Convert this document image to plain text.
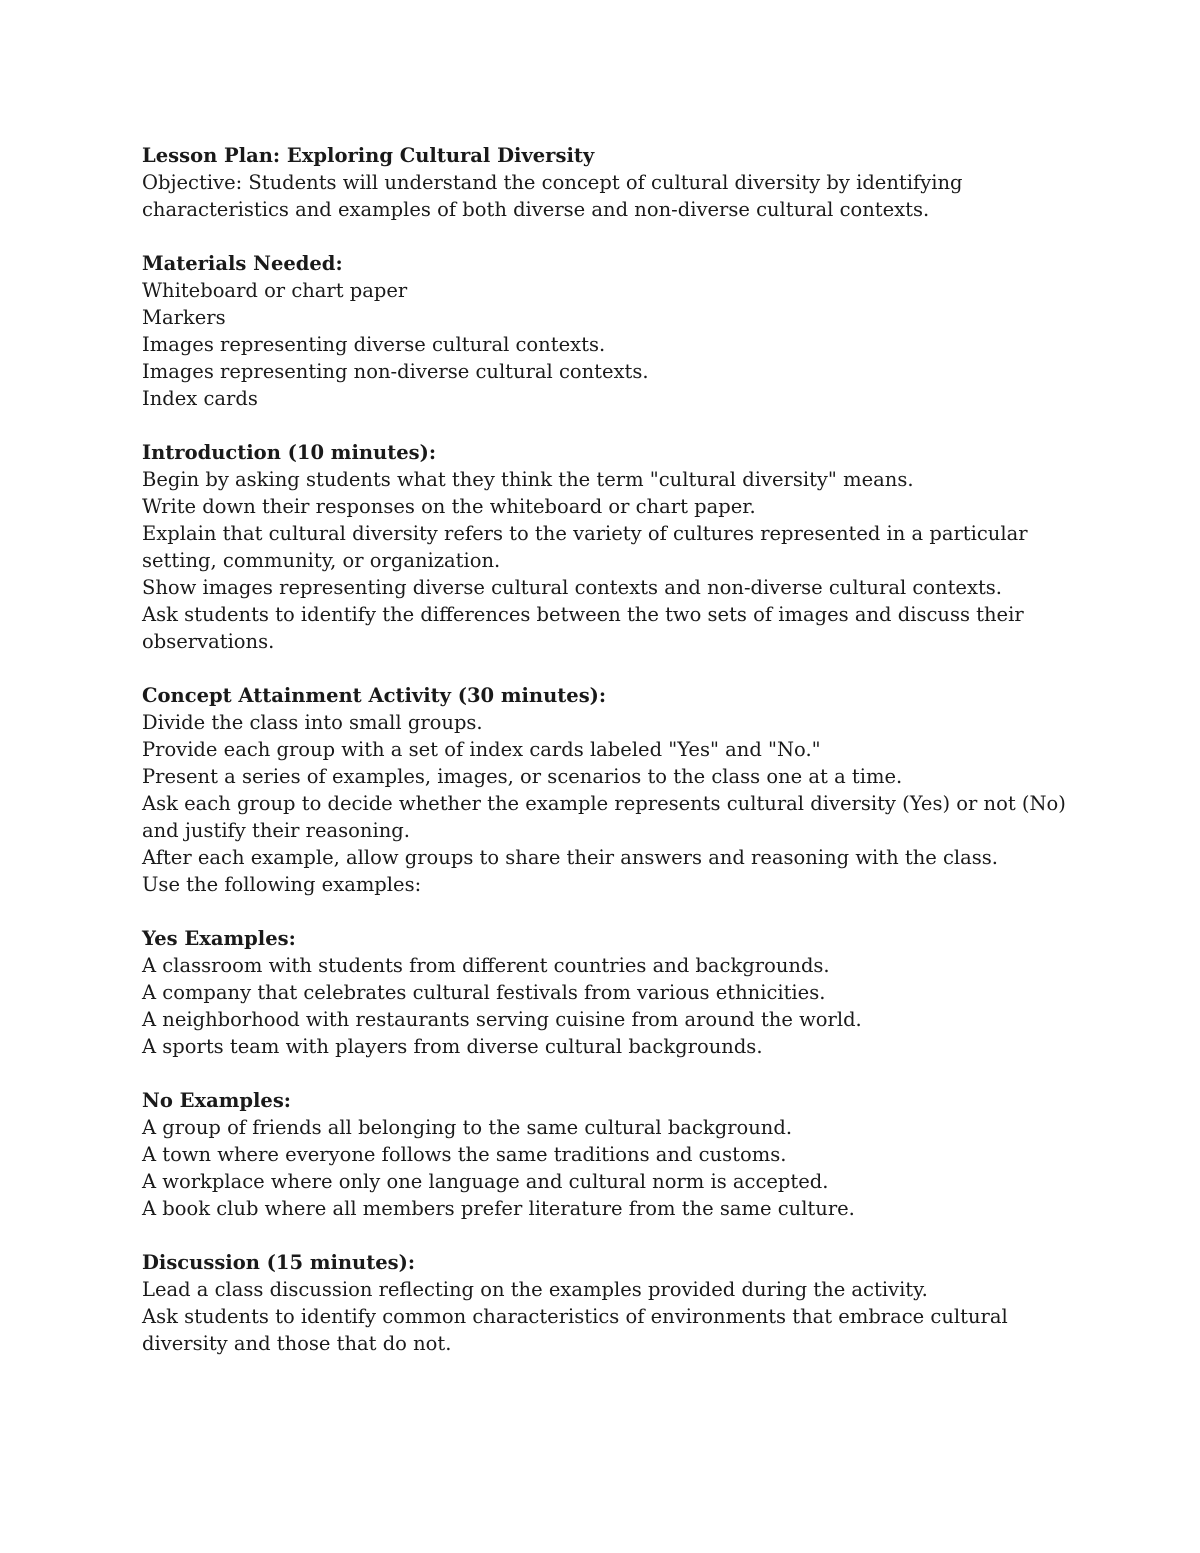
Lesson Plan: Exploring Cultural Diversity

Objective: Students will understand the concept of cultural diversity by identifying characteristics and examples of both diverse and non-diverse cultural contexts.

Materials Needed:

Whiteboard or chart paper

Markers

Images representing diverse cultural contexts.

Images representing non-diverse cultural contexts.

Index cards

Introduction (10 minutes):

Begin by asking students what they think the term "cultural diversity" means.

Write down their responses on the whiteboard or chart paper.

Explain that cultural diversity refers to the variety of cultures represented in a particular setting, community, or organization.

Show images representing diverse cultural contexts and non-diverse cultural contexts.

Ask students to identify the differences between the two sets of images and discuss their observations.

Concept Attainment Activity (30 minutes):

Divide the class into small groups.

Provide each group with a set of index cards labeled "Yes" and "No."

Present a series of examples, images, or scenarios to the class one at a time.

Ask each group to decide whether the example represents cultural diversity (Yes) or not (No) and justify their reasoning.

After each example, allow groups to share their answers and reasoning with the class.

Use the following examples:

Yes Examples:

A classroom with students from different countries and backgrounds.

A company that celebrates cultural festivals from various ethnicities.

A neighborhood with restaurants serving cuisine from around the world.

A sports team with players from diverse cultural backgrounds.

No Examples:

A group of friends all belonging to the same cultural background.

A town where everyone follows the same traditions and customs.

A workplace where only one language and cultural norm is accepted.

A book club where all members prefer literature from the same culture.

Discussion (15 minutes):

Lead a class discussion reflecting on the examples provided during the activity.

Ask students to identify common characteristics of environments that embrace cultural diversity and those that do not.
